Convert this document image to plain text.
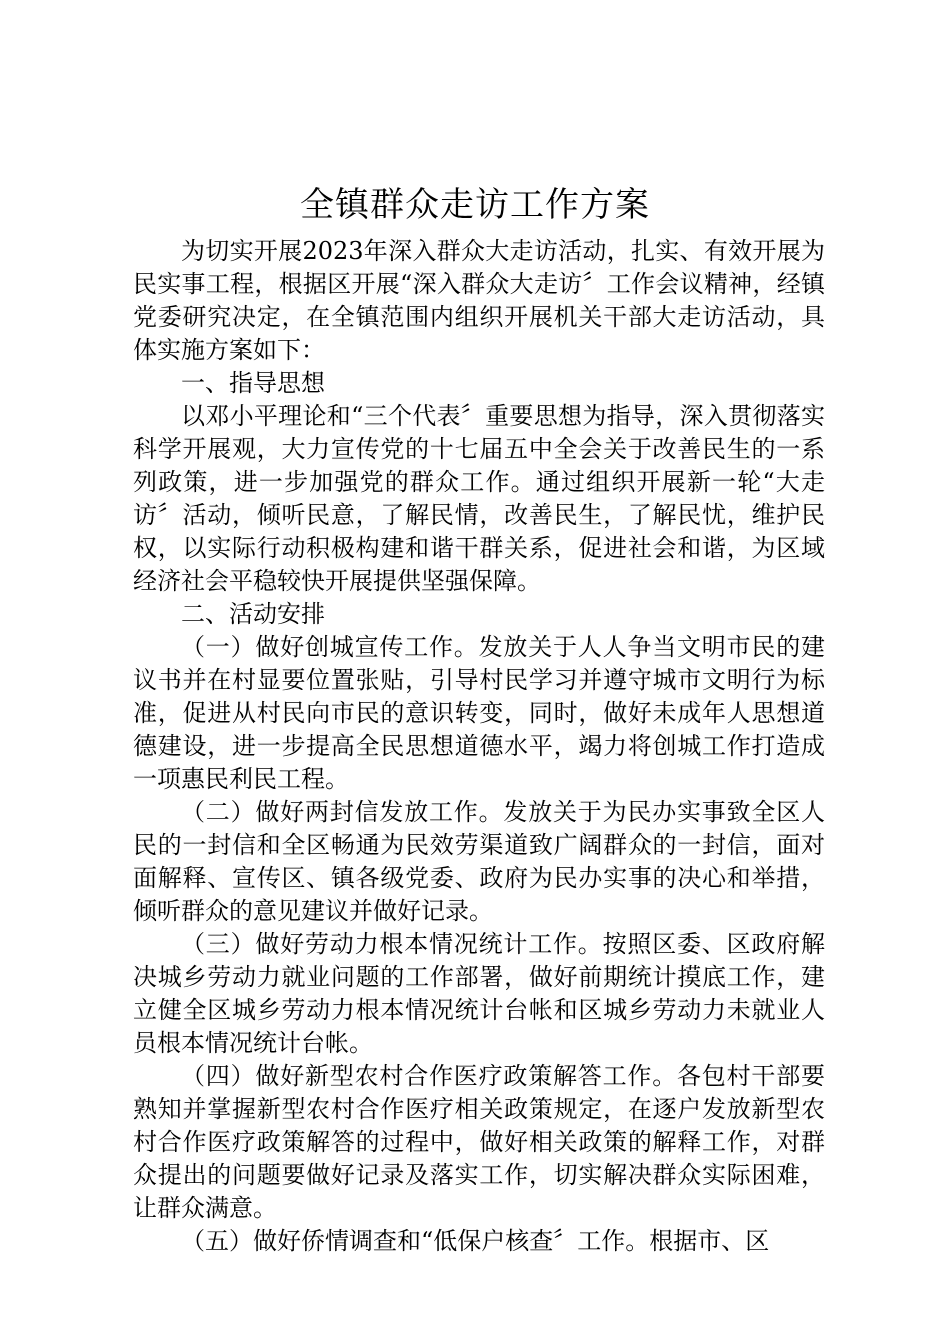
全镇群众走访工作方案

为切实开展2023年深入群众大走访活动，扎实、有效开展为民实事工程，根据区开展“深入群众大走访〞工作会议精神，经镇党委研究决定，在全镇范围内组织开展机关干部大走访活动，具体实施方案如下：

一、指导思想

以邓小平理论和“三个代表〞重要思想为指导，深入贯彻落实科学开展观，大力宣传党的十七届五中全会关于改善民生的一系列政策，进一步加强党的群众工作。通过组织开展新一轮“大走访〞活动，倾听民意，了解民情，改善民生，了解民忧，维护民权，以实际行动积极构建和谐干群关系，促进社会和谐，为区域经济社会平稳较快开展提供坚强保障。

二、活动安排

（一）做好创城宣传工作。发放关于人人争当文明市民的建议书并在村显要位置张贴，引导村民学习并遵守城市文明行为标准，促进从村民向市民的意识转变，同时，做好未成年人思想道德建设，进一步提高全民思想道德水平，竭力将创城工作打造成一项惠民利民工程。

（二）做好两封信发放工作。发放关于为民办实事致全区人民的一封信和全区畅通为民效劳渠道致广阔群众的一封信，面对面解释、宣传区、镇各级党委、政府为民办实事的决心和举措，倾听群众的意见建议并做好记录。

（三）做好劳动力根本情况统计工作。按照区委、区政府解决城乡劳动力就业问题的工作部署，做好前期统计摸底工作，建立健全区城乡劳动力根本情况统计台帐和区城乡劳动力未就业人员根本情况统计台帐。

（四）做好新型农村合作医疗政策解答工作。各包村干部要熟知并掌握新型农村合作医疗相关政策规定，在逐户发放新型农村合作医疗政策解答的过程中，做好相关政策的解释工作，对群众提出的问题要做好记录及落实工作，切实解决群众实际困难，让群众满意。

（五）做好侨情调查和“低保户核查〞工作。根据市、区
